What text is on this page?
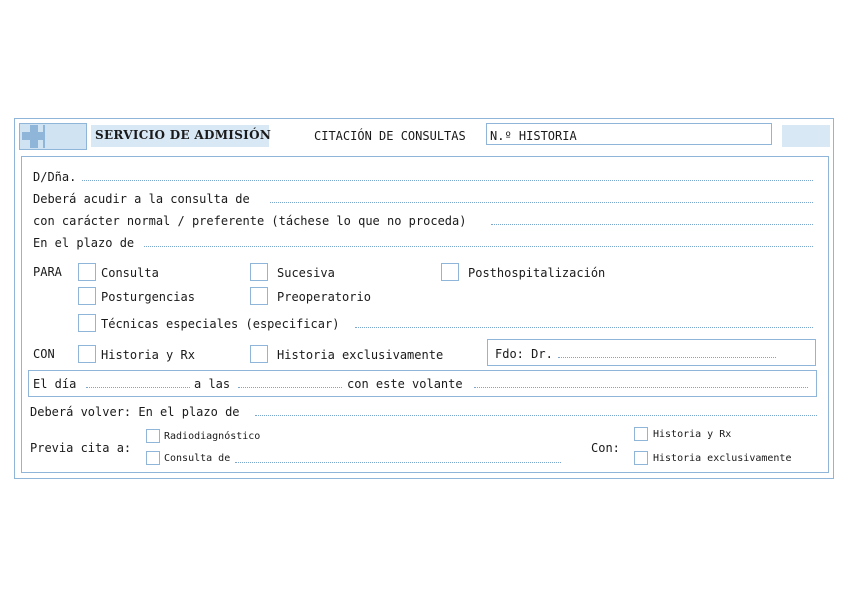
SERVICIO DE ADMISIÓN	CITACIÓN DE CONSULTAS N.º HISTORIA
D/Dña.
Deberá acudir a la consulta de
con carácter normal / preferente (táchese lo que no proceda)
En el plazo de
PARA	Consulta	Sucesiva	Posthospitalización
Posturgencias	Preoperatorio
Técnicas especiales (especificar)
CON	Historia y Rx	Historia exclusivamente	Fdo: Dr.
El día	a las	con este volante
Deberá volver: En el plazo de
Previa cita a:
Radiodiagnóstico
Consulta de
Con:
Historia y Rx
Historia exclusivamente
